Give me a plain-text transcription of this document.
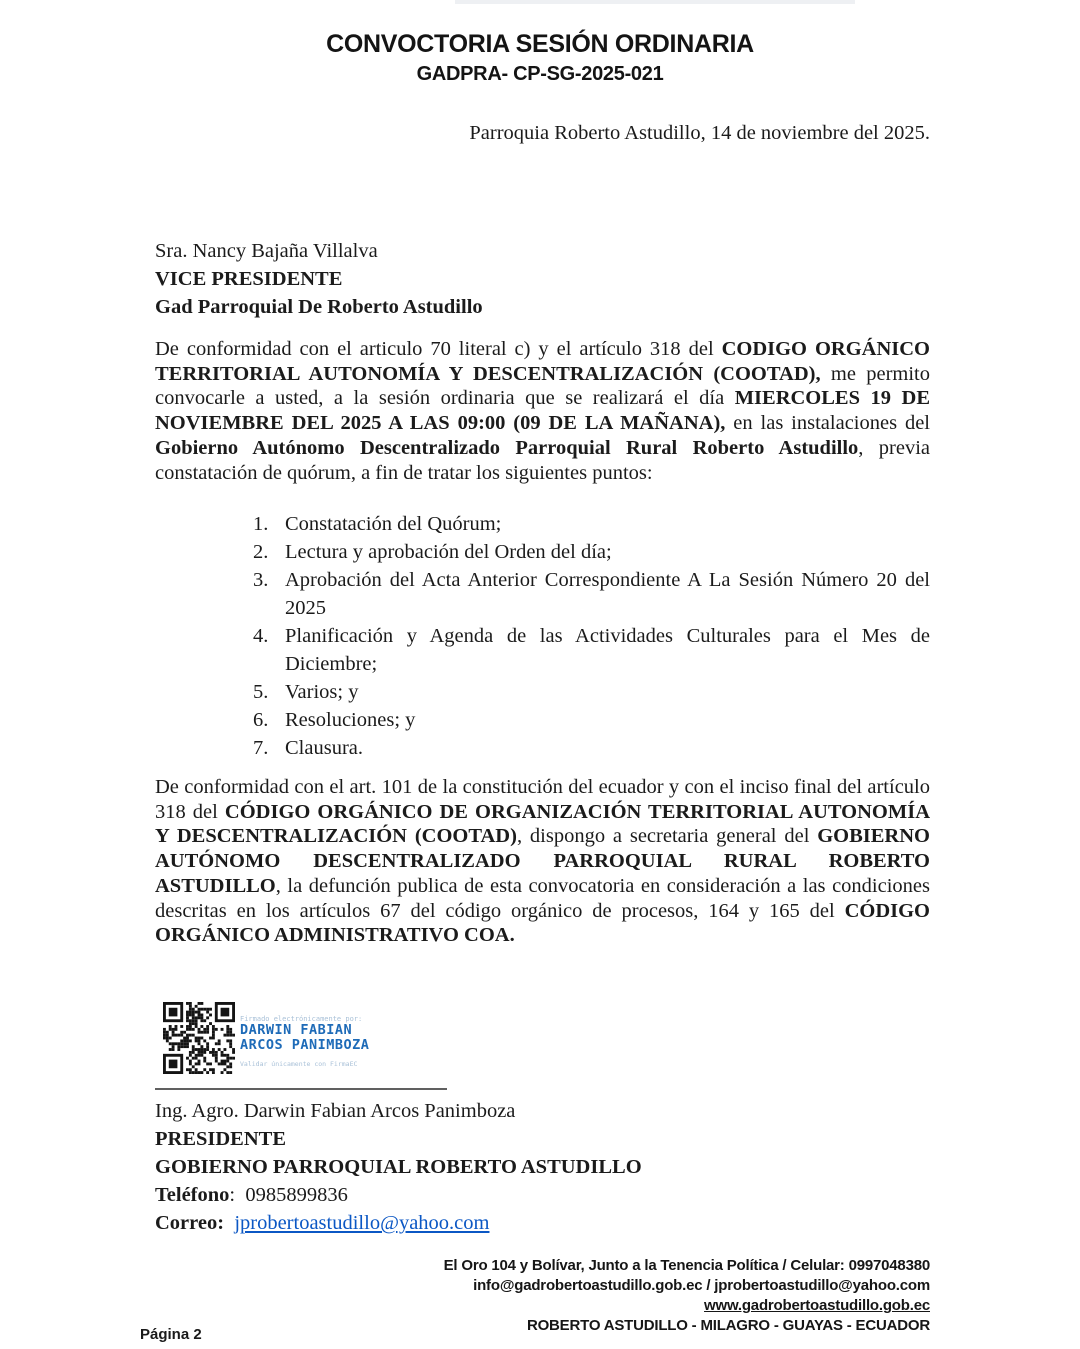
CONVOCTORIA SESIÓN ORDINARIA
GADPRA- CP-SG-2025-021
Parroquia Roberto Astudillo, 14 de noviembre del 2025.
Sra. Nancy Bajaña Villalva
VICE PRESIDENTE
Gad Parroquial De Roberto Astudillo
De conformidad con el articulo 70 literal c) y el artículo 318 del CODIGO ORGÁNICO TERRITORIAL AUTONOMÍA Y DESCENTRALIZACIÓN (COOTAD), me permito convocarle a usted, a la sesión ordinaria que se realizará el día MIERCOLES 19 DE NOVIEMBRE DEL 2025 A LAS 09:00 (09 DE LA MAÑANA), en las instalaciones del Gobierno Autónomo Descentralizado Parroquial Rural Roberto Astudillo, previa constatación de quórum, a fin de tratar los siguientes puntos:
1. Constatación del Quórum;
2. Lectura y aprobación del Orden del día;
3. Aprobación del Acta Anterior Correspondiente A La Sesión Número 20 del 2025
4. Planificación y Agenda de las Actividades Culturales para el Mes de Diciembre;
5. Varios; y
6. Resoluciones; y
7. Clausura.
De conformidad con el art. 101 de la constitución del ecuador y con el inciso final del artículo 318 del CÓDIGO ORGÁNICO DE ORGANIZACIÓN TERRITORIAL AUTONOMÍA Y DESCENTRALIZACIÓN (COOTAD), dispongo a secretaria general del GOBIERNO AUTÓNOMO DESCENTRALIZADO PARROQUIAL RURAL ROBERTO ASTUDILLO, la defunción publica de esta convocatoria en consideración a las condiciones descritas en los artículos 67 del código orgánico de procesos, 164 y 165 del CÓDIGO ORGÁNICO ADMINISTRATIVO COA.
Firmado electrónicamente por:
DARWIN FABIAN
ARCOS PANIMBOZA
Validar únicamente con FirmaEC
Ing. Agro. Darwin Fabian Arcos Panimboza
PRESIDENTE
GOBIERNO PARROQUIAL ROBERTO ASTUDILLO
Teléfono:  0985899836
Correo: jprobertoastudillo@yahoo.com
El Oro 104 y Bolívar, Junto a la Tenencia Política / Celular: 0997048380
info@gadrobertoastudillo.gob.ec / jprobertoastudillo@yahoo.com
www.gadrobertoastudillo.gob.ec
ROBERTO ASTUDILLO - MILAGRO - GUAYAS - ECUADOR
Página 2
